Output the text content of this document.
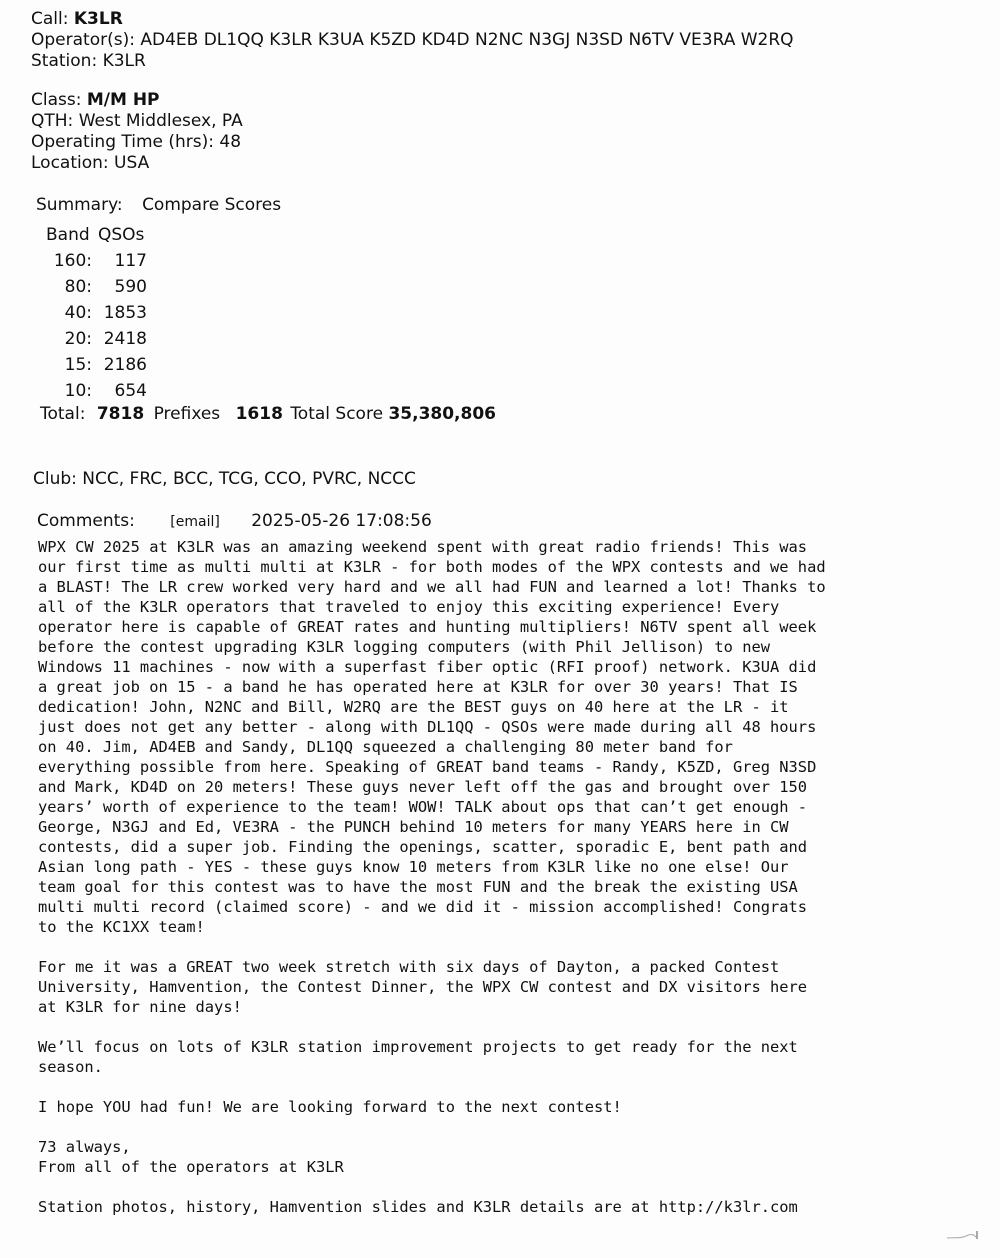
Call: K3LR
Operator(s): AD4EB DL1QQ K3LR K3UA K5ZD KD4D N2NC N3GJ N3SD N6TV VE3RA W2RQ
Station: K3LR
Class: M/M HP
QTH: West Middlesex, PA
Operating Time (hrs): 48
Location: USA
Summary: Compare Scores
Band	QSOs
160:	117
80:	590
40:	1853
20:	2418
15:	2186
10:	654
Total: 7818 Prefixes 1618 Total Score 35,380,806
Club: NCC, FRC, BCC, TCG, CCO, PVRC, NCCC
Comments:	[email] 2025-05-26 17:08:56
WPX CW 2025 at K3LR was an amazing weekend spent with great radio friends! This was
our first time as multi multi at K3LR - for both modes of the WPX contests and we had
a BLAST! The LR crew worked very hard and we all had FUN and learned a lot! Thanks to
all of the K3LR operators that traveled to enjoy this exciting experience! Every
operator here is capable of GREAT rates and hunting multipliers! N6TV spent all week
before the contest upgrading K3LR logging computers (with Phil Jellison) to new
Windows 11 machines - now with a superfast fiber optic (RFI proof) network. K3UA did
a great job on 15 - a band he has operated here at K3LR for over 30 years! That IS
dedication! John, N2NC and Bill, W2RQ are the BEST guys on 40 here at the LR - it
just does not get any better - along with DL1QQ - QSOs were made during all 48 hours
on 40. Jim, AD4EB and Sandy, DL1QQ squeezed a challenging 80 meter band for
everything possible from here. Speaking of GREAT band teams - Randy, K5ZD, Greg N3SD
and Mark, KD4D on 20 meters! These guys never left off the gas and brought over 150
years’ worth of experience to the team! WOW! TALK about ops that can’t get enough -
George, N3GJ and Ed, VE3RA - the PUNCH behind 10 meters for many YEARS here in CW
contests, did a super job. Finding the openings, scatter, sporadic E, bent path and
Asian long path - YES - these guys know 10 meters from K3LR like no one else! Our
team goal for this contest was to have the most FUN and the break the existing USA
multi multi record (claimed score) - and we did it - mission accomplished! Congrats
to the KC1XX team!
For me it was a GREAT two week stretch with six days of Dayton, a packed Contest
University, Hamvention, the Contest Dinner, the WPX CW contest and DX visitors here
at K3LR for nine days!
We’ll focus on lots of K3LR station improvement projects to get ready for the next
season.
I hope YOU had fun! We are looking forward to the next contest!
73 always,
From all of the operators at K3LR
Station photos, history, Hamvention slides and K3LR details are at http://k3lr.com
